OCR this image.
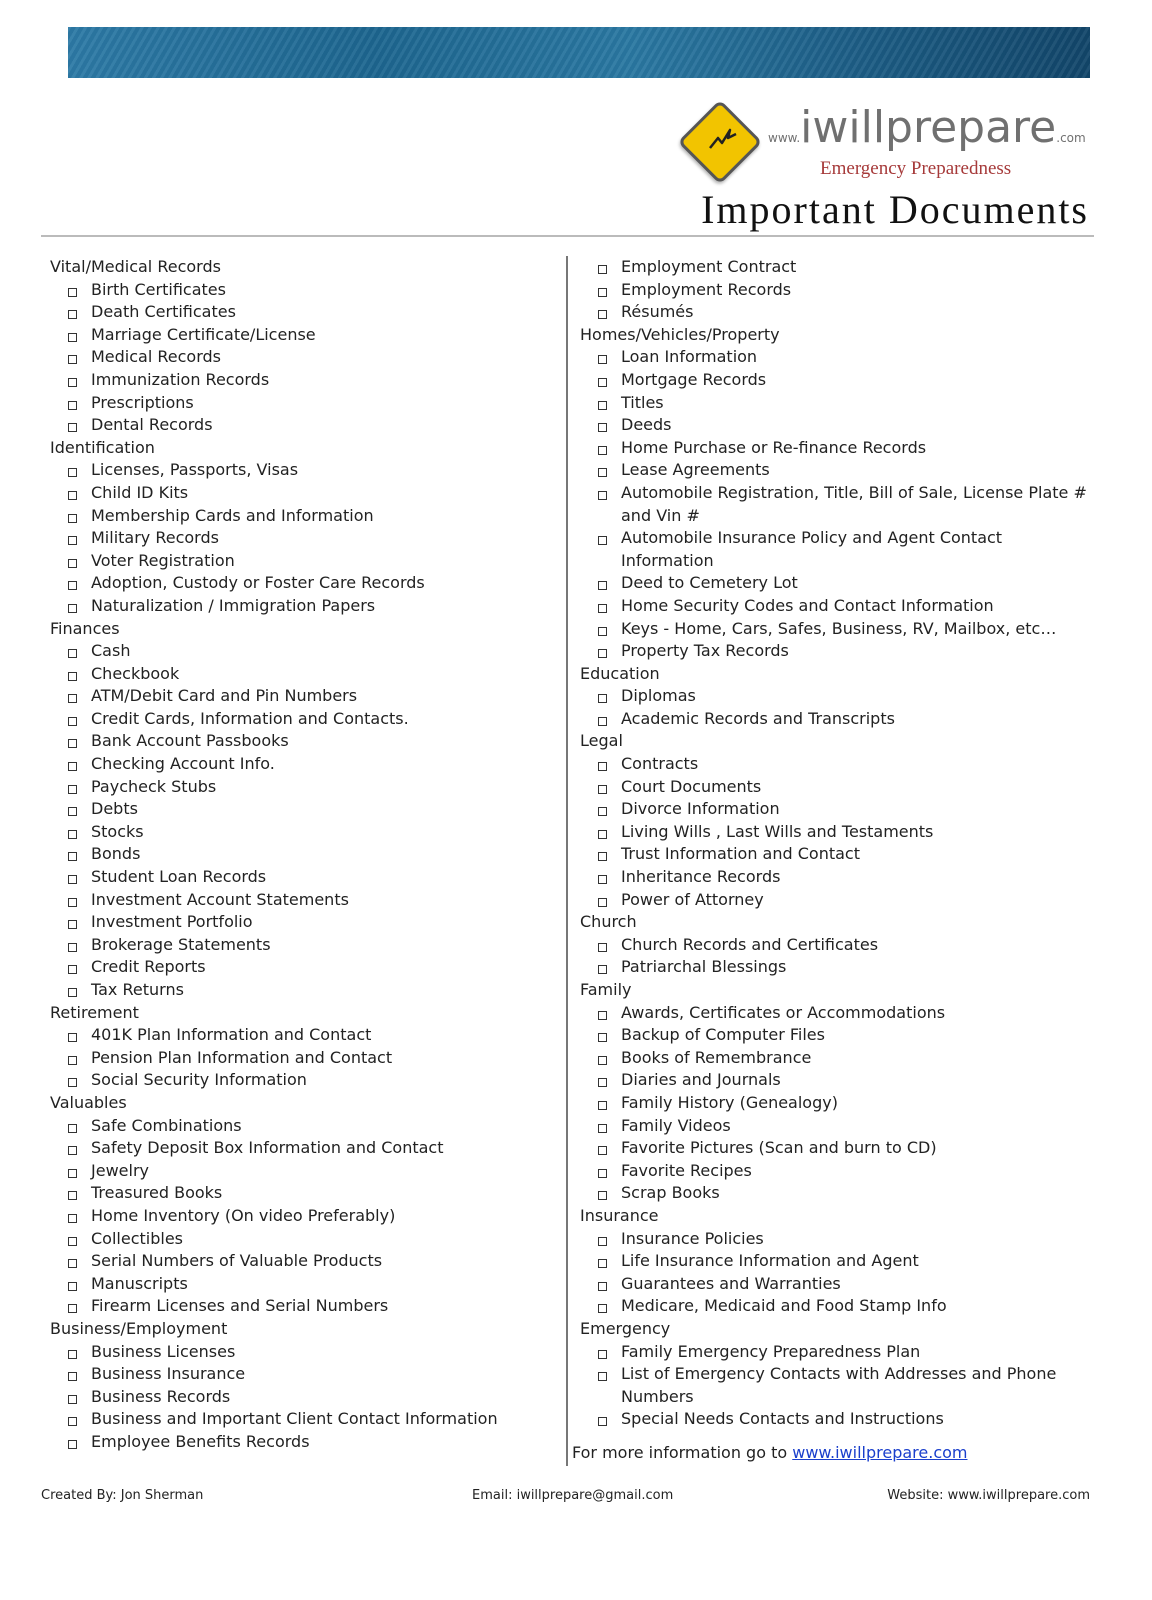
www.iwillprepare.com
Emergency Preparedness
Important Documents
Vital/Medical Records
Birth Certificates
Death Certificates
Marriage Certificate/License
Medical Records
Immunization Records
Prescriptions
Dental Records
Identification
Licenses, Passports, Visas
Child ID Kits
Membership Cards and Information
Military Records
Voter Registration
Adoption, Custody or Foster Care Records
Naturalization / Immigration Papers
Finances
Cash
Checkbook
ATM/Debit Card and Pin Numbers
Credit Cards, Information and Contacts.
Bank Account Passbooks
Checking Account Info.
Paycheck Stubs
Debts
Stocks
Bonds
Student Loan Records
Investment Account Statements
Investment Portfolio
Brokerage Statements
Credit Reports
Tax Returns
Retirement
401K Plan Information and Contact
Pension Plan Information and Contact
Social Security Information
Valuables
Safe Combinations
Safety Deposit Box Information and Contact
Jewelry
Treasured Books
Home Inventory (On video Preferably)
Collectibles
Serial Numbers of Valuable Products
Manuscripts
Firearm Licenses and Serial Numbers
Business/Employment
Business Licenses
Business Insurance
Business Records
Business and Important Client Contact Information
Employee Benefits Records
Employment Contract
Employment Records
Résumés
Homes/Vehicles/Property
Loan Information
Mortgage Records
Titles
Deeds
Home Purchase or Re-finance Records
Lease Agreements
Automobile Registration, Title, Bill of Sale, License Plate # and Vin #
Automobile Insurance Policy and Agent Contact Information
Deed to Cemetery Lot
Home Security Codes and Contact Information
Keys - Home, Cars, Safes, Business, RV, Mailbox, etc…
Property Tax Records
Education
Diplomas
Academic Records and Transcripts
Legal
Contracts
Court Documents
Divorce Information
Living Wills , Last Wills and Testaments
Trust Information and Contact
Inheritance Records
Power of Attorney
Church
Church Records and Certificates
Patriarchal Blessings
Family
Awards, Certificates or Accommodations
Backup of Computer Files
Books of Remembrance
Diaries and Journals
Family History (Genealogy)
Family Videos
Favorite Pictures (Scan and burn to CD)
Favorite Recipes
Scrap Books
Insurance
Insurance Policies
Life Insurance Information and Agent
Guarantees and Warranties
Medicare, Medicaid and Food Stamp Info
Emergency
Family Emergency Preparedness Plan
List of Emergency Contacts with Addresses and Phone Numbers
Special Needs Contacts and Instructions
For more information go to www.iwillprepare.com
Created By: Jon Sherman	Email: iwillprepare@gmail.com	Website: www.iwillprepare.com
